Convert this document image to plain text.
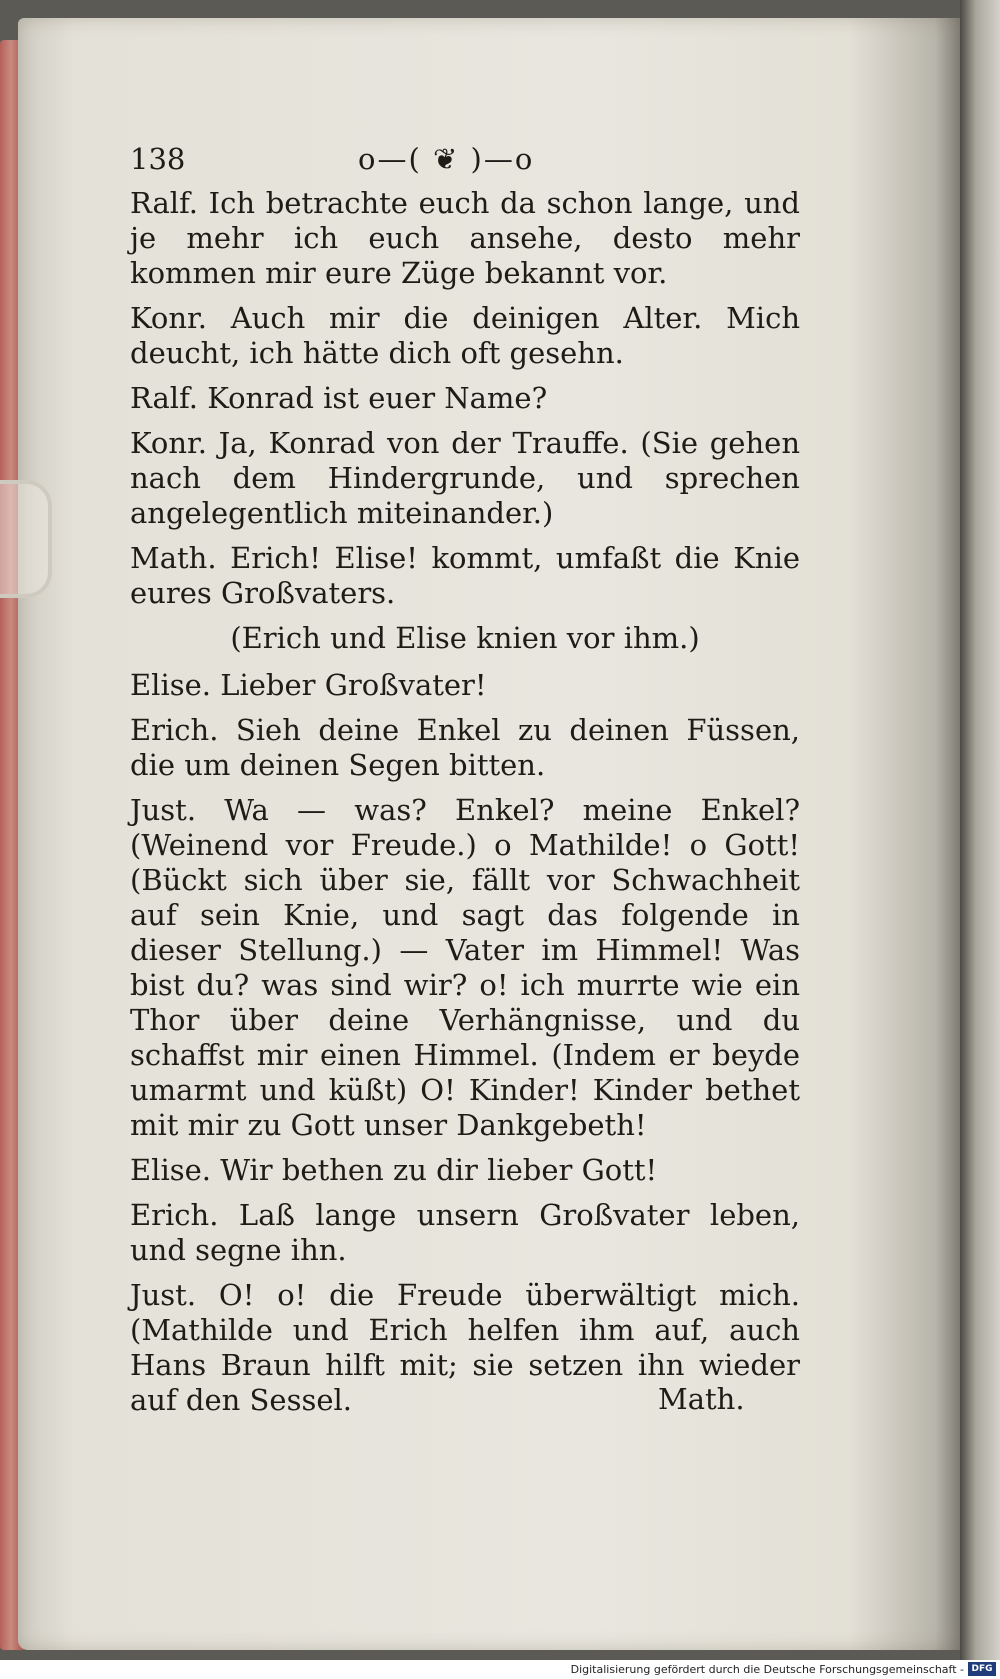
138	o—( ❦ )—o

Ralf. Ich betrachte euch da schon lange, und je mehr ich euch ansehe, desto mehr kommen mir eure Züge bekannt vor.

Konr. Auch mir die deinigen Alter. Mich deucht, ich hätte dich oft gesehn.

Ralf. Konrad ist euer Name?

Konr. Ja, Konrad von der Trauffe. (Sie gehen nach dem Hindergrunde, und sprechen angelegentlich miteinander.)

Math. Erich! Elise! kommt, umfaßt die Knie eures Großvaters.

(Erich und Elise knien vor ihm.)

Elise. Lieber Großvater!

Erich. Sieh deine Enkel zu deinen Füssen, die um deinen Segen bitten.

Just. Wa — was? Enkel? meine Enkel? (Weinend vor Freude.) o Mathilde! o Gott! (Bückt sich über sie, fällt vor Schwachheit auf sein Knie, und sagt das folgende in dieser Stellung.) — Vater im Himmel! Was bist du? was sind wir? o! ich murrte wie ein Thor über deine Verhängnisse, und du schaffst mir einen Himmel. (Indem er beyde umarmt und küßt) O! Kinder! Kinder bethet mit mir zu Gott unser Dankgebeth!

Elise. Wir bethen zu dir lieber Gott!

Erich. Laß lange unsern Großvater leben, und segne ihn.

Just. O! o! die Freude überwältigt mich. (Mathilde und Erich helfen ihm auf, auch Hans Braun hilft mit; sie setzen ihn wieder auf den Sessel.	Math.
Digitalisierung gefördert durch die Deutsche Forschungsgemeinschaft - DFG
